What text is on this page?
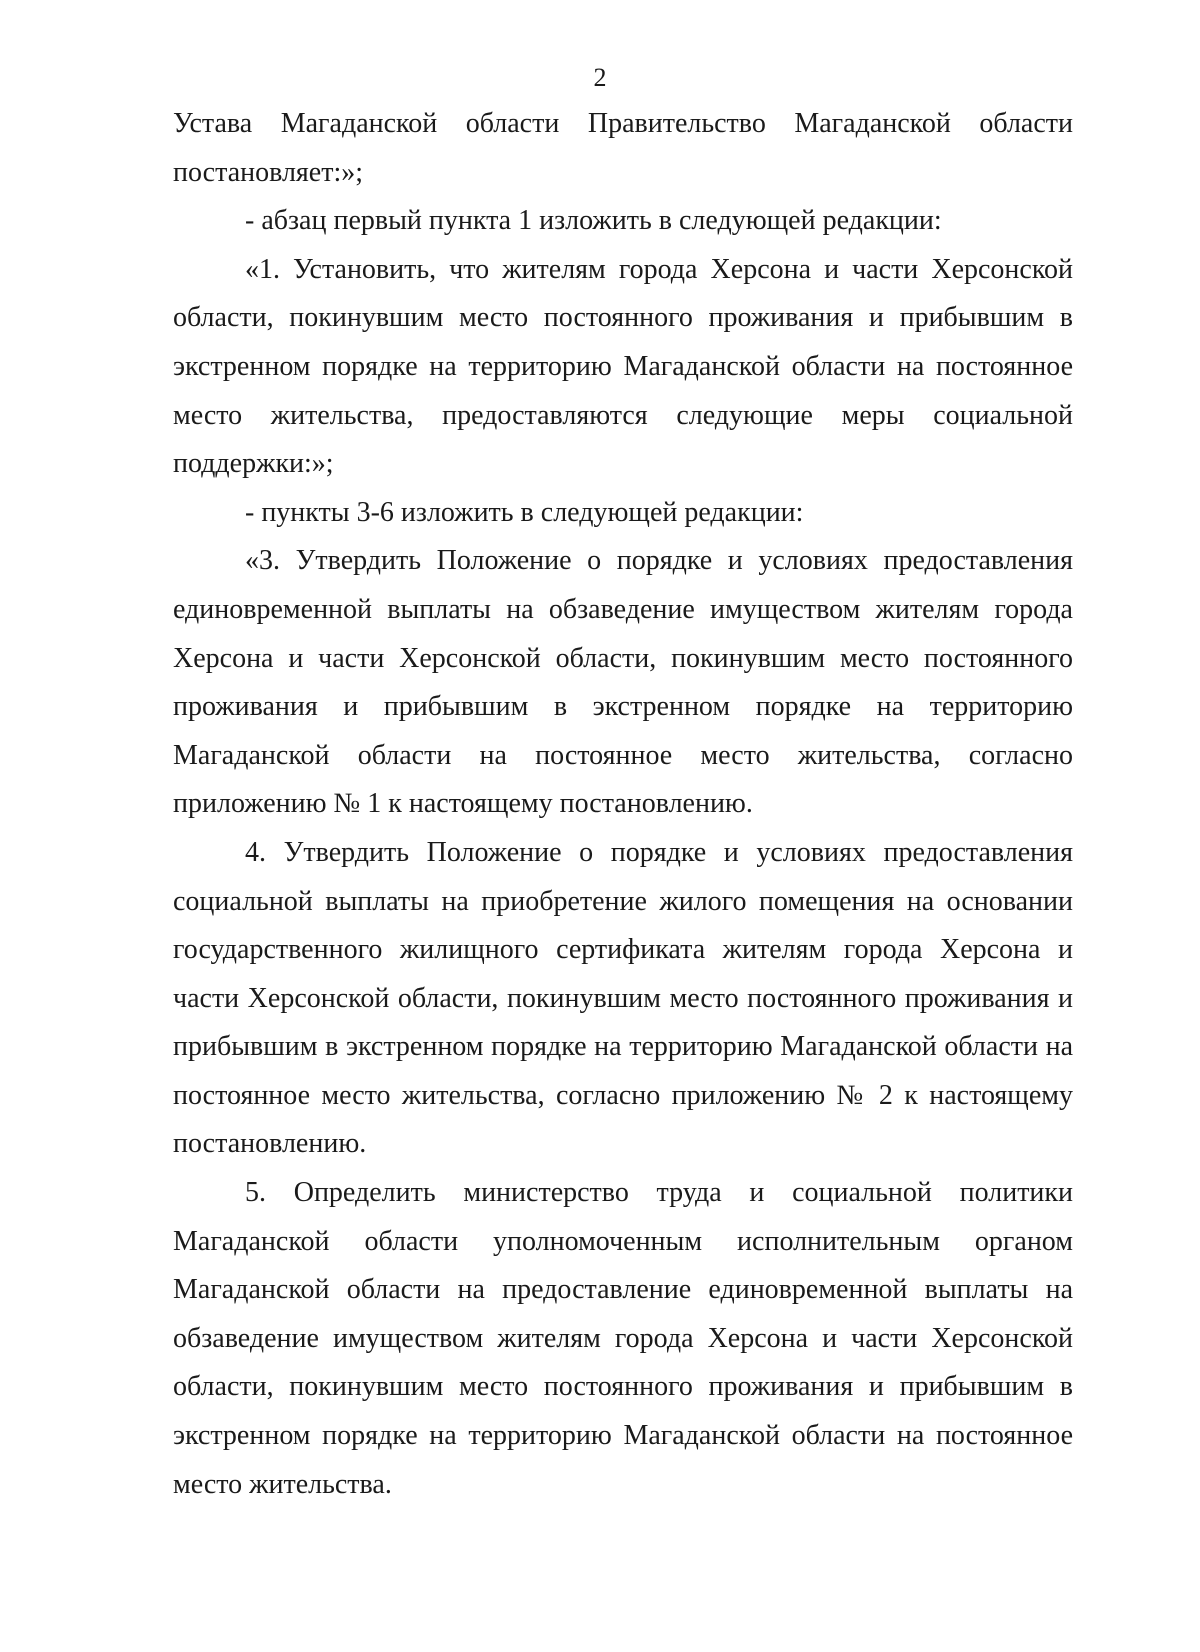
2

Устава Магаданской области Правительство Магаданской области постановляет:»;

- абзац первый пункта 1 изложить в следующей редакции:

«1. Установить, что жителям города Херсона и части Херсонской области, покинувшим место постоянного проживания и прибывшим в экстренном порядке на территорию Магаданской области на постоянное место жительства, предоставляются следующие меры социальной поддержки:»;

- пункты 3-6 изложить в следующей редакции:

«3. Утвердить Положение о порядке и условиях предоставления единовременной выплаты на обзаведение имуществом жителям города Херсона и части Херсонской области, покинувшим место постоянного проживания и прибывшим в экстренном порядке на территорию Магаданской области на постоянное место жительства, согласно приложению № 1 к настоящему постановлению.

4. Утвердить Положение о порядке и условиях предоставления социальной выплаты на приобретение жилого помещения на основании государственного жилищного сертификата жителям города Херсона и части Херсонской области, покинувшим место постоянного проживания и прибывшим в экстренном порядке на территорию Магаданской области на постоянное место жительства, согласно приложению № 2 к настоящему постановлению.

5. Определить министерство труда и социальной политики Магаданской области уполномоченным исполнительным органом Магаданской области на предоставление единовременной выплаты на обзаведение имуществом жителям города Херсона и части Херсонской области, покинувшим место постоянного проживания и прибывшим в экстренном порядке на территорию Магаданской области на постоянное место жительства.
